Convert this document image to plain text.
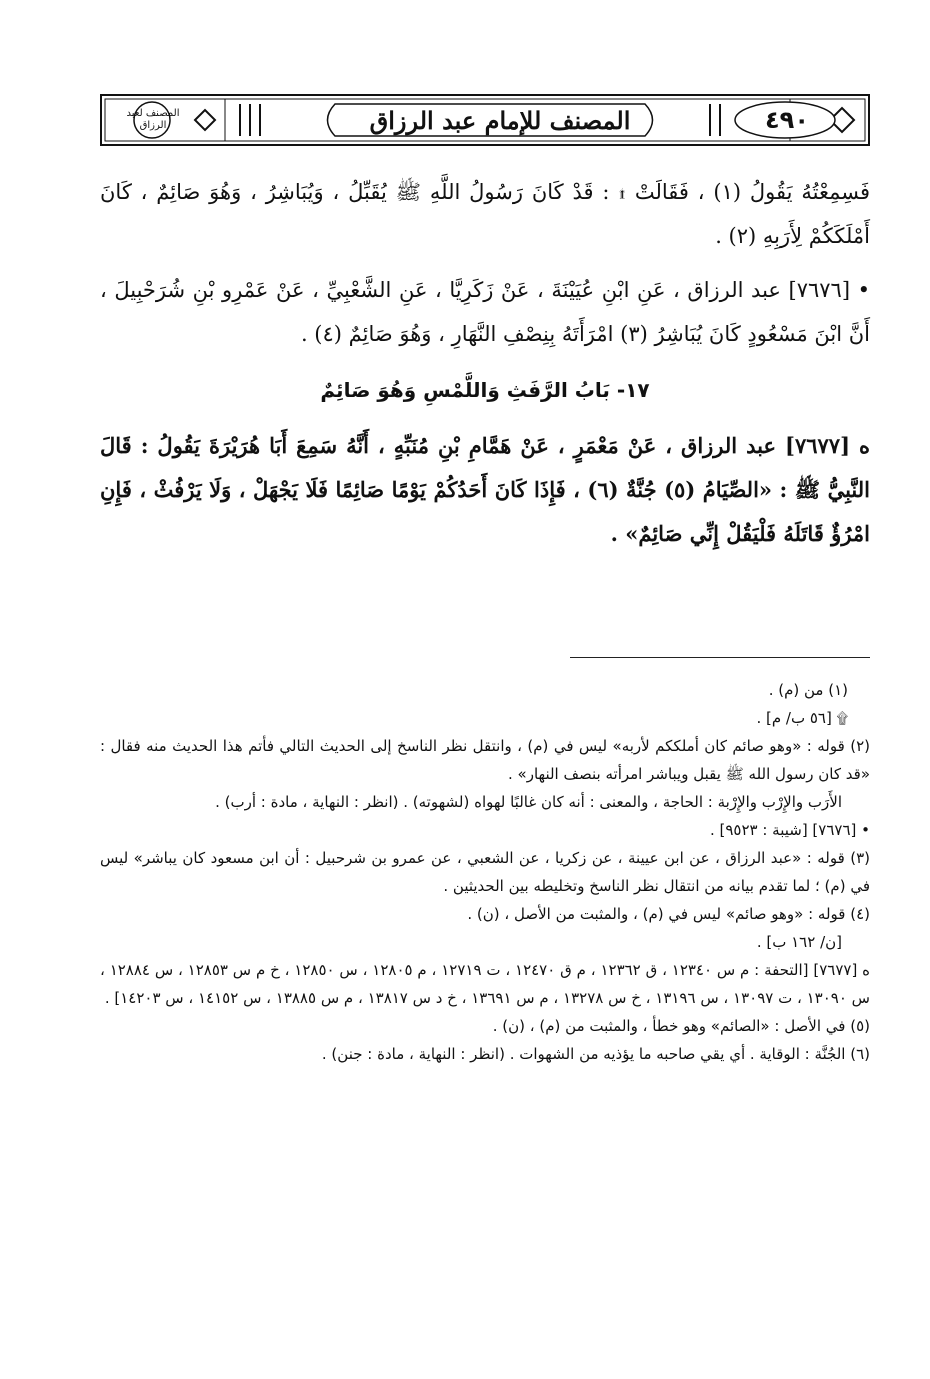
٤٩٠
المصنف للإمام عبد الرزاق
المصنف لعبد الرزاق

فَسِمِعْتُهُ يَقُولُ (١) ، فَقَالَتْ ۩ : قَدْ كَانَ رَسُولُ اللَّهِ ﷺ يُقَبِّلُ ، وَيُبَاشِرُ ، وَهُوَ صَائِمٌ ، كَانَ أَمْلَكَكُمْ لِأَرَبِهِ (٢) .

• [٧٦٧٦] عبد الرزاق ، عَنِ ابْنِ عُيَيْنَةَ ، عَنْ زَكَرِيَّا ، عَنِ الشَّعْبِيِّ ، عَنْ عَمْرِو بْنِ شُرَحْبِيلَ ، أَنَّ ابْنَ مَسْعُودٍ كَانَ يُبَاشِرُ (٣) امْرَأَتَهُ بِنِصْفِ النَّهَارِ ، وَهُوَ صَائِمٌ (٤) .

١٧- بَابُ الرَّفَثِ وَاللَّمْسِ وَهُوَ صَائِمٌ

ه [٧٦٧٧] عبد الرزاق ، عَنْ مَعْمَرٍ ، عَنْ هَمَّامِ بْنِ مُنَبِّهٍ ، أَنَّهُ سَمِعَ أَبَا هُرَيْرَةَ يَقُولُ : قَالَ النَّبِيُّ ﷺ : «الصِّيَامُ (٥) جُنَّةٌ (٦) ، فَإِذَا كَانَ أَحَدُكُمْ يَوْمًا صَائِمًا فَلَا يَجْهَلْ ، وَلَا يَرْفُثْ ، فَإِنِ امْرُؤٌ قَاتَلَهُ فَلْيَقُلْ إِنِّي صَائِمٌ» .

(١) من (م) .

۩ [٥٦ ب/ م] .

(٢) قوله : «وهو صائم كان أملككم لأربه» ليس في (م) ، وانتقل نظر الناسخ إلى الحديث التالي فأتم هذا الحديث منه فقال : «قد كان رسول الله ﷺ يقبل ويباشر امرأته بنصف النهار» .

الأَرَب والإِرْب والإِرْبة : الحاجة ، والمعنى : أنه كان غالبًا لهواه (لشهوته) . (انظر : النهاية ، مادة : أرب) .

• [٧٦٧٦] [شيبة : ٩٥٢٣] .

(٣) قوله : «عبد الرزاق ، عن ابن عيينة ، عن زكريا ، عن الشعبي ، عن عمرو بن شرحبيل : أن ابن مسعود كان يباشر» ليس في (م) ؛ لما تقدم بيانه من انتقال نظر الناسخ وتخليطه بين الحديثين .

(٤) قوله : «وهو صائم» ليس في (م) ، والمثبت من الأصل ، (ن) .

[ن/ ١٦٢ ب] .

ه [٧٦٧٧] [التحفة : م س ١٢٣٤٠ ، ق ١٢٣٦٢ ، م ق ١٢٤٧٠ ، ت ١٢٧١٩ ، م ١٢٨٠٥ ، س ١٢٨٥٠ ، خ م س ١٢٨٥٣ ، س ١٢٨٨٤ ، س ١٣٠٩٠ ، ت ١٣٠٩٧ ، س ١٣١٩٦ ، خ س ١٣٢٧٨ ، م س ١٣٦٩١ ، خ د س ١٣٨١٧ ، م س ١٣٨٨٥ ، س ١٤١٥٢ ، س ١٤٢٠٣] .

(٥) في الأصل : «الصائم» وهو خطأ ، والمثبت من (م) ، (ن) .

(٦) الجُنَّة : الوقاية . أي يقي صاحبه ما يؤذيه من الشهوات . (انظر : النهاية ، مادة : جنن) .
